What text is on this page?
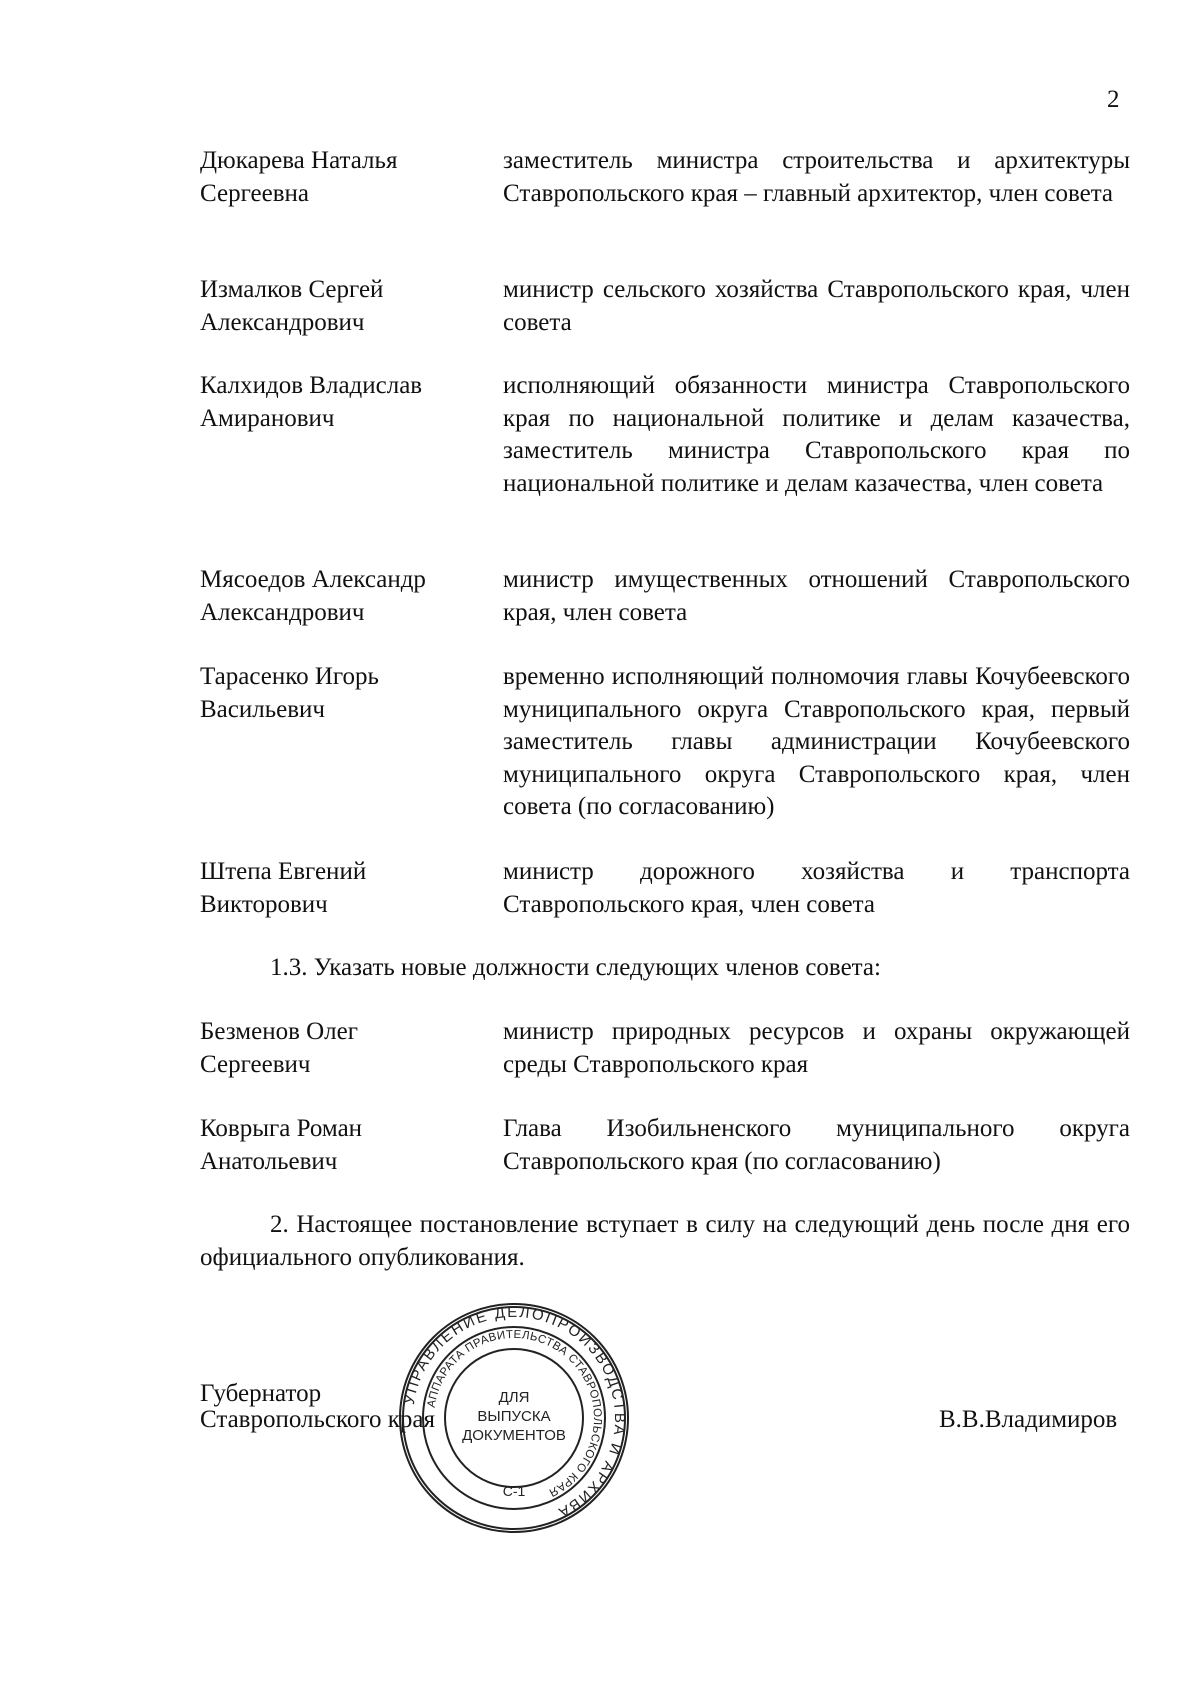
2
Дюкарева Наталья
Сергеевна
заместитель министра строительства и архитектуры Ставропольского края – главный архитектор, член совета
Измалков Сергей
Александрович
министр сельского хозяйства Ставропольского края, член совета
Калхидов Владислав
Амиранович
исполняющий обязанности министра Ставропольского края по национальной политике и делам казачества, заместитель министра Ставропольского края по национальной политике и делам казачества, член совета
Мясоедов Александр
Александрович
министр имущественных отношений Ставропольского края, член совета
Тарасенко Игорь
Васильевич
временно исполняющий полномочия главы Кочубеевского муниципального округа Ставропольского края, первый заместитель главы администрации Кочубеевского муниципального округа Ставропольского края, член совета (по согласованию)
Штепа Евгений
Викторович
министр дорожного хозяйства и транспорта Ставропольского края, член совета
1.3. Указать новые должности следующих членов совета:
Безменов Олег
Сергеевич
министр природных ресурсов и охраны окружающей среды Ставропольского края
Коврыга Роман
Анатольевич
Глава Изобильненского муниципального округа Ставропольского края (по согласованию)
2. Настоящее постановление вступает в силу на следующий день после дня его официального опубликования.
Губернатор
Ставропольского края	В.В.Владимиров
УПРАВЛЕНИЕ ДЕЛОПРОИЗВОДСТВА И АРХИВА
АППАРАТА ПРАВИТЕЛЬСТВА СТАВРОПОЛЬСКОГО КРАЯ
ДЛЯ
ВЫПУСКА
ДОКУМЕНТОВ
С-1
